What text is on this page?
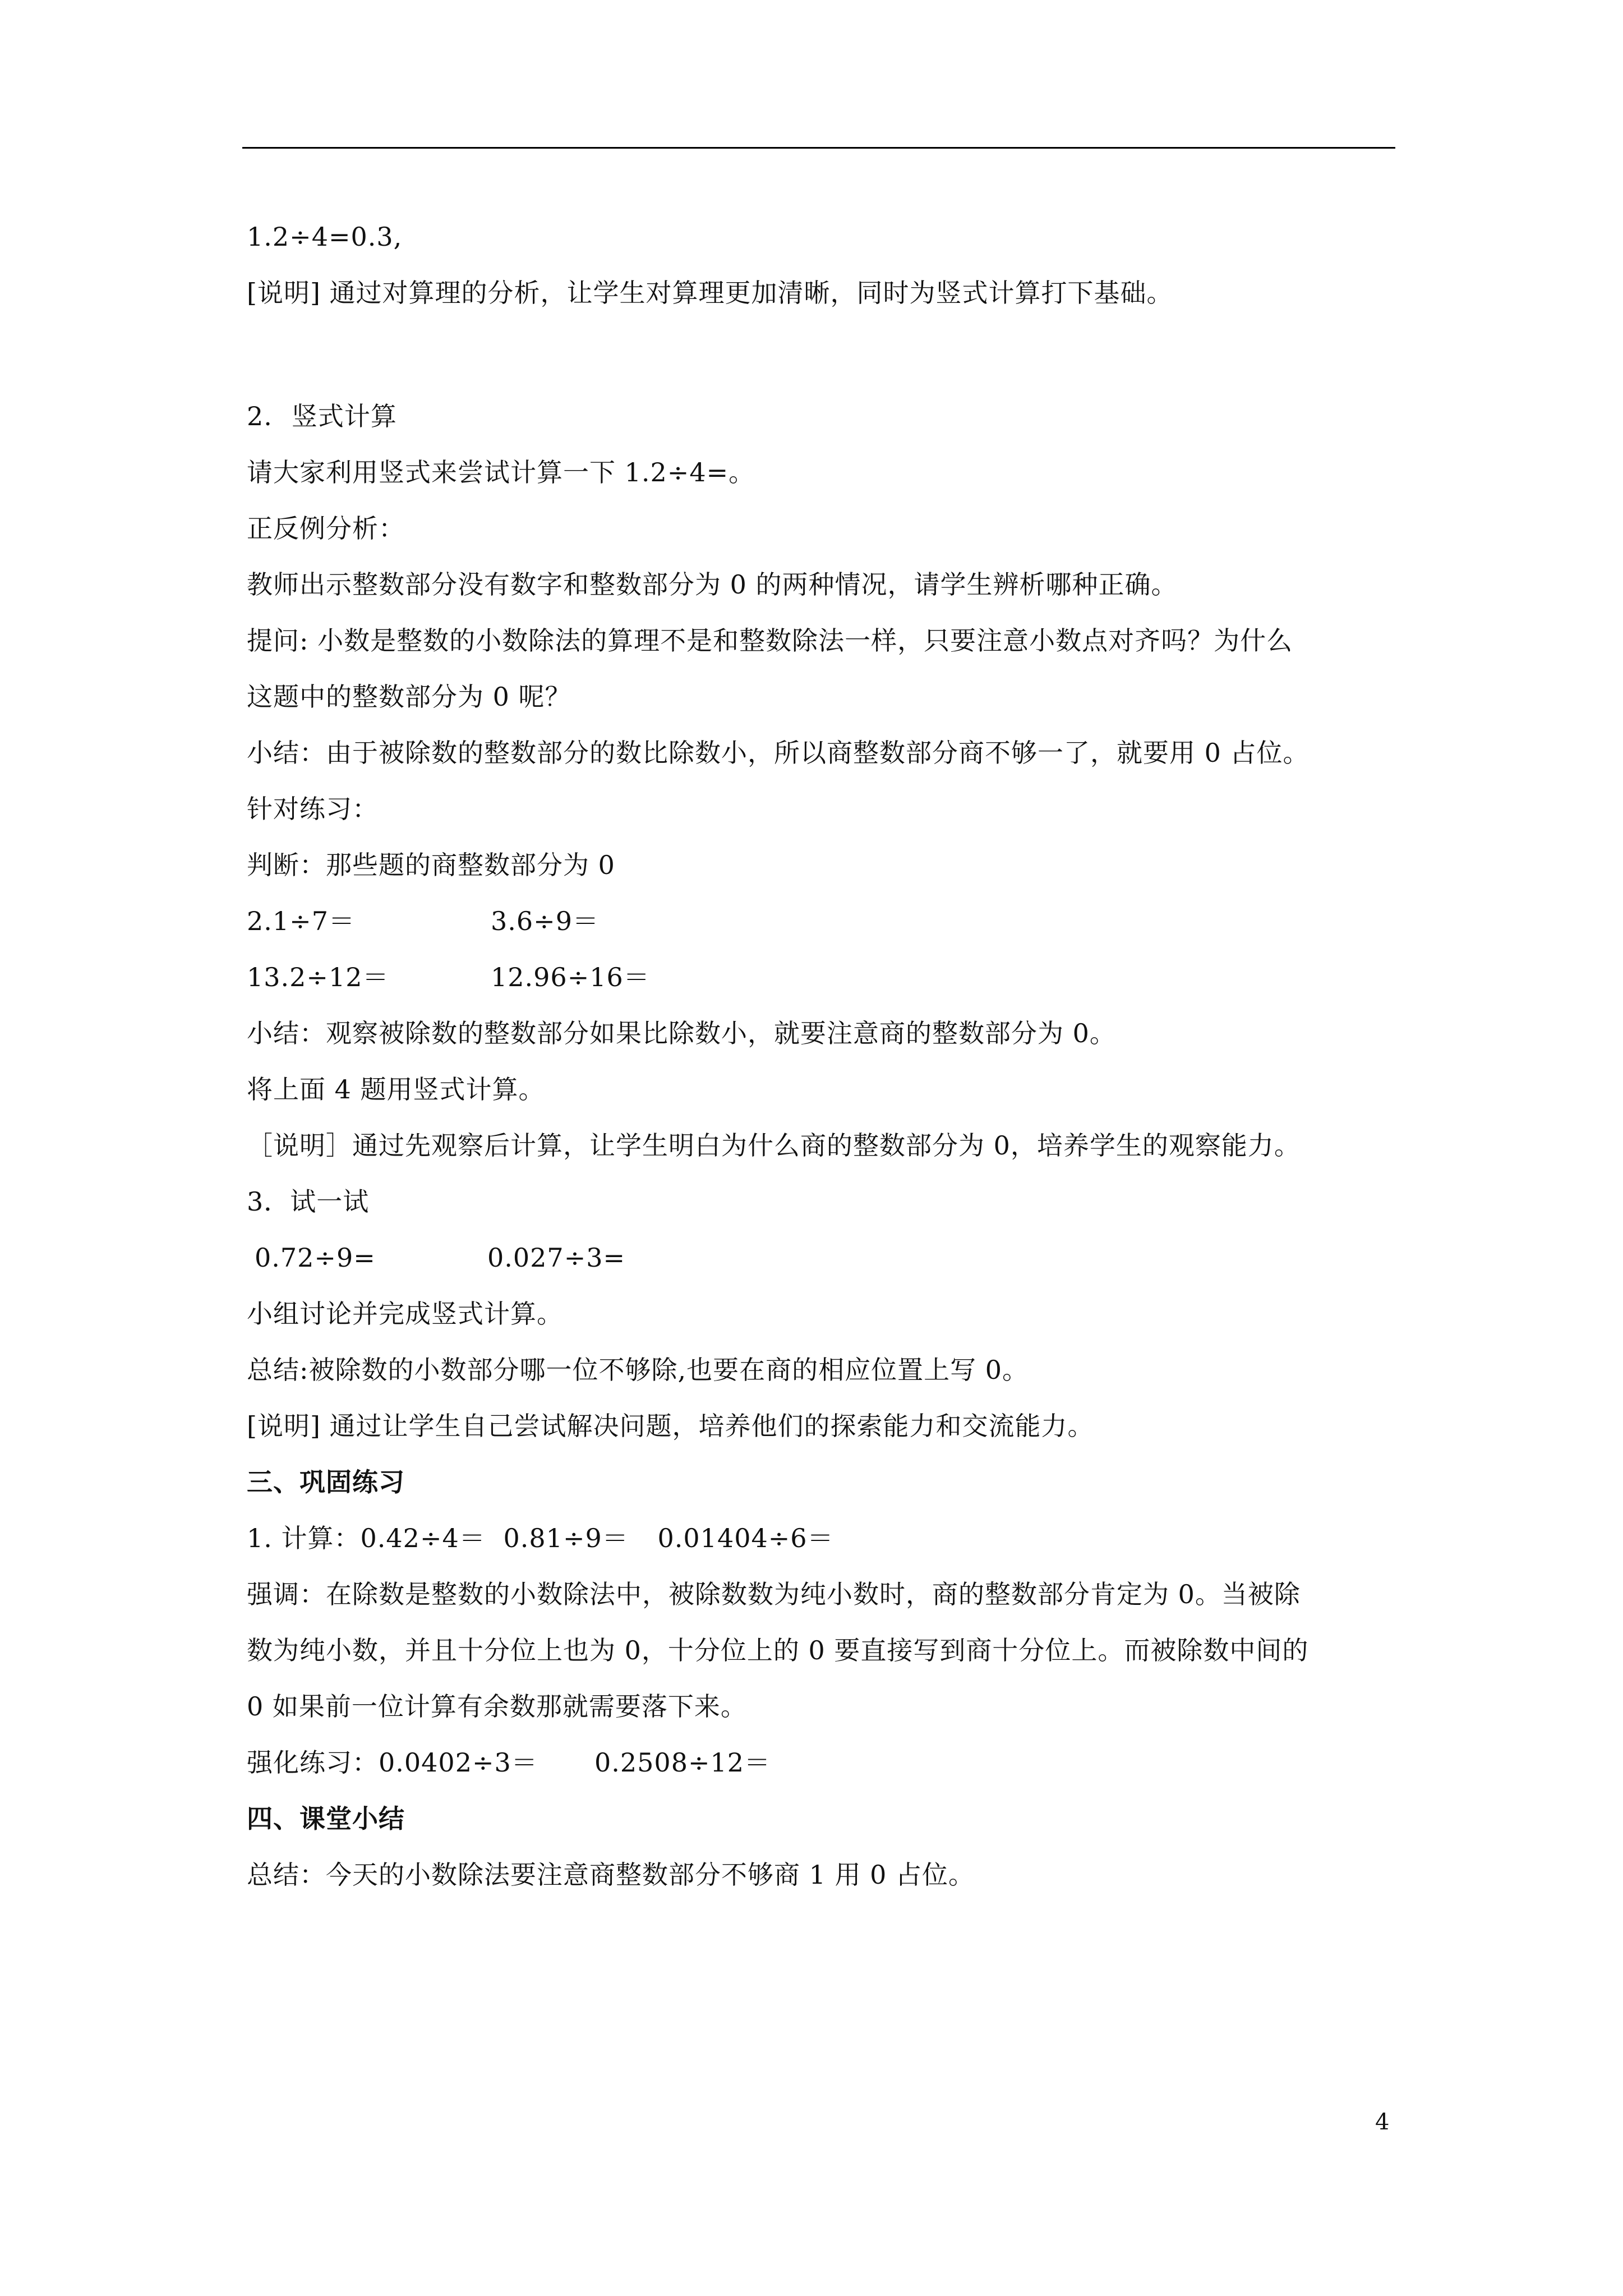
1.2÷4=0.3,
[说明] 通过对算理的分析，让学生对算理更加清晰，同时为竖式计算打下基础。
2. 竖式计算
请大家利用竖式来尝试计算一下 1.2÷4=。
正反例分析：
教师出示整数部分没有数字和整数部分为 0 的两种情况，请学生辨析哪种正确。
提问: 小数是整数的小数除法的算理不是和整数除法一样，只要注意小数点对齐吗？为什么
这题中的整数部分为 0 呢？
小结：由于被除数的整数部分的数比除数小，所以商整数部分商不够一了，就要用 0 占位。
针对练习：
判断：那些题的商整数部分为 0
2.1÷7＝	3.6÷9＝
13.2÷12＝	12.96÷16＝
小结：观察被除数的整数部分如果比除数小，就要注意商的整数部分为 0。
将上面 4 题用竖式计算。
［说明］通过先观察后计算，让学生明白为什么商的整数部分为 0，培养学生的观察能力。
3．试一试
0.72÷9=	0.027÷3=
小组讨论并完成竖式计算。
总结:被除数的小数部分哪一位不够除,也要在商的相应位置上写 0。
[说明] 通过让学生自己尝试解决问题，培养他们的探索能力和交流能力。
三、巩固练习
1. 计算：0.42÷4＝ 0.81÷9＝ 0.01404÷6＝
强调：在除数是整数的小数除法中，被除数数为纯小数时，商的整数部分肯定为 0。当被除
数为纯小数，并且十分位上也为 0，十分位上的 0 要直接写到商十分位上。而被除数中间的
0 如果前一位计算有余数那就需要落下来。
强化练习：0.0402÷3＝ 0.2508÷12＝
四、课堂小结
总结：今天的小数除法要注意商整数部分不够商 1 用 0 占位。
4
